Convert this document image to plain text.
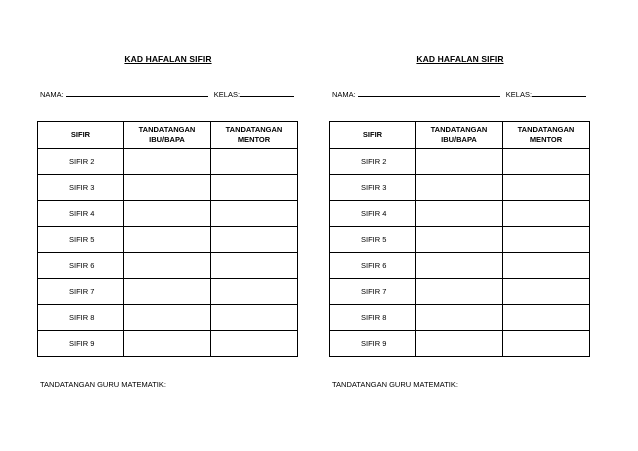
KAD HAFALAN SIFIR
NAMA:	KELAS:
SIFIR	TANDATANGAN IBU/BAPA	TANDATANGAN MENTOR
SIFIR 2		
SIFIR 3		
SIFIR 4		
SIFIR 5		
SIFIR 6		
SIFIR 7		
SIFIR 8		
SIFIR 9		
TANDATANGAN GURU MATEMATIK:
KAD HAFALAN SIFIR
NAMA:	KELAS:
SIFIR	TANDATANGAN IBU/BAPA	TANDATANGAN MENTOR
SIFIR 2		
SIFIR 3		
SIFIR 4		
SIFIR 5		
SIFIR 6		
SIFIR 7		
SIFIR 8		
SIFIR 9		
TANDATANGAN GURU MATEMATIK:
